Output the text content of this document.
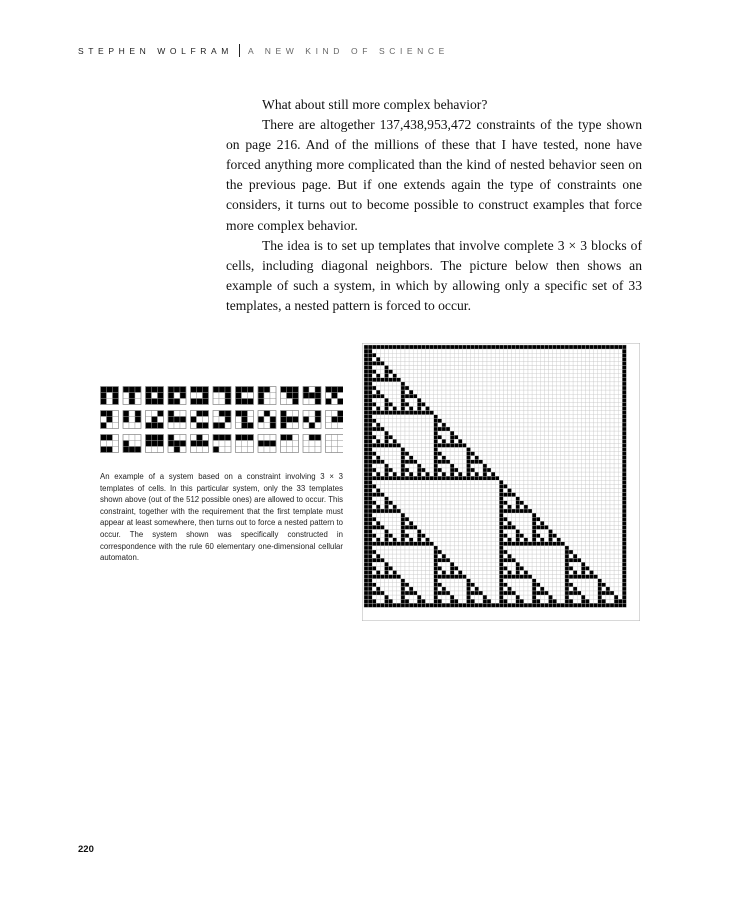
STEPHEN WOLFRAM A NEW KIND OF SCIENCE

What about still more complex behavior?

There are altogether 137,438,953,472 constraints of the type shown on page 216. And of the millions of these that I have tested, none have forced anything more complicated than the kind of nested behavior seen on the previous page. But if one extends again the type of constraints one considers, it turns out to become possible to construct examples that force more complex behavior.

The idea is to set up templates that involve complete 3 × 3 blocks of cells, including diagonal neighbors. The picture below then shows an example of such a system, in which by allowing only a specific set of 33 templates, a nested pattern is forced to occur.

An example of a system based on a constraint involving 3 × 3 templates of cells. In this particular system, only the 33 templates shown above (out of the 512 possible ones) are allowed to occur. This constraint, together with the requirement that the first template must appear at least somewhere, then turns out to force a nested pattern to occur. The system shown was specifically constructed in correspondence with the rule 60 elementary one-dimensional cellular automaton.

220
